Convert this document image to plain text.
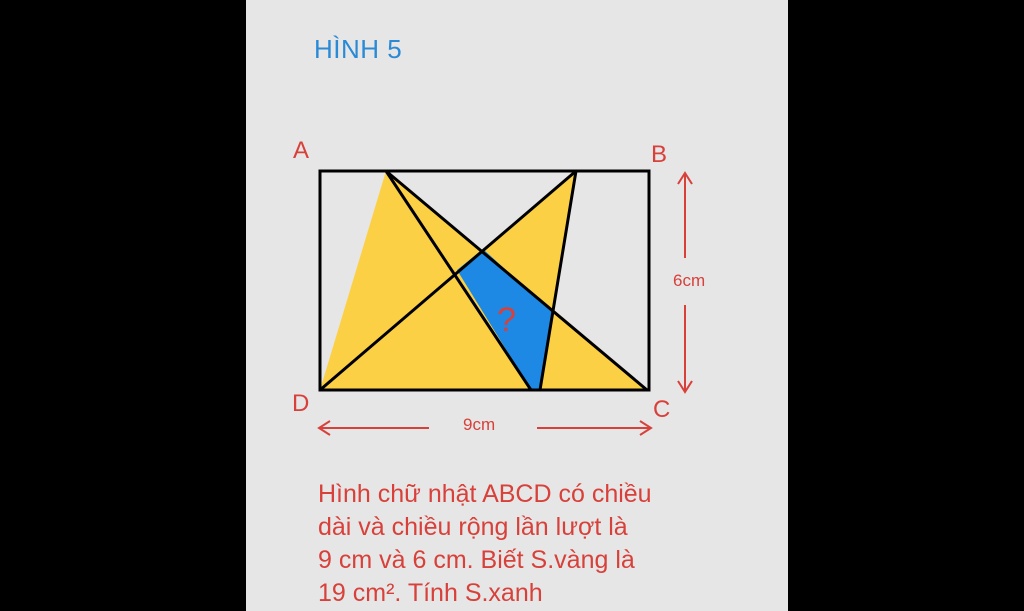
HÌNH 5
?
A	B
C
D
6cm
9cm
Hình chữ nhật ABCD có chiều
dài và chiều rộng lần lượt là
9 cm và 6 cm. Biết S.vàng là
19 cm². Tính S.xanh
